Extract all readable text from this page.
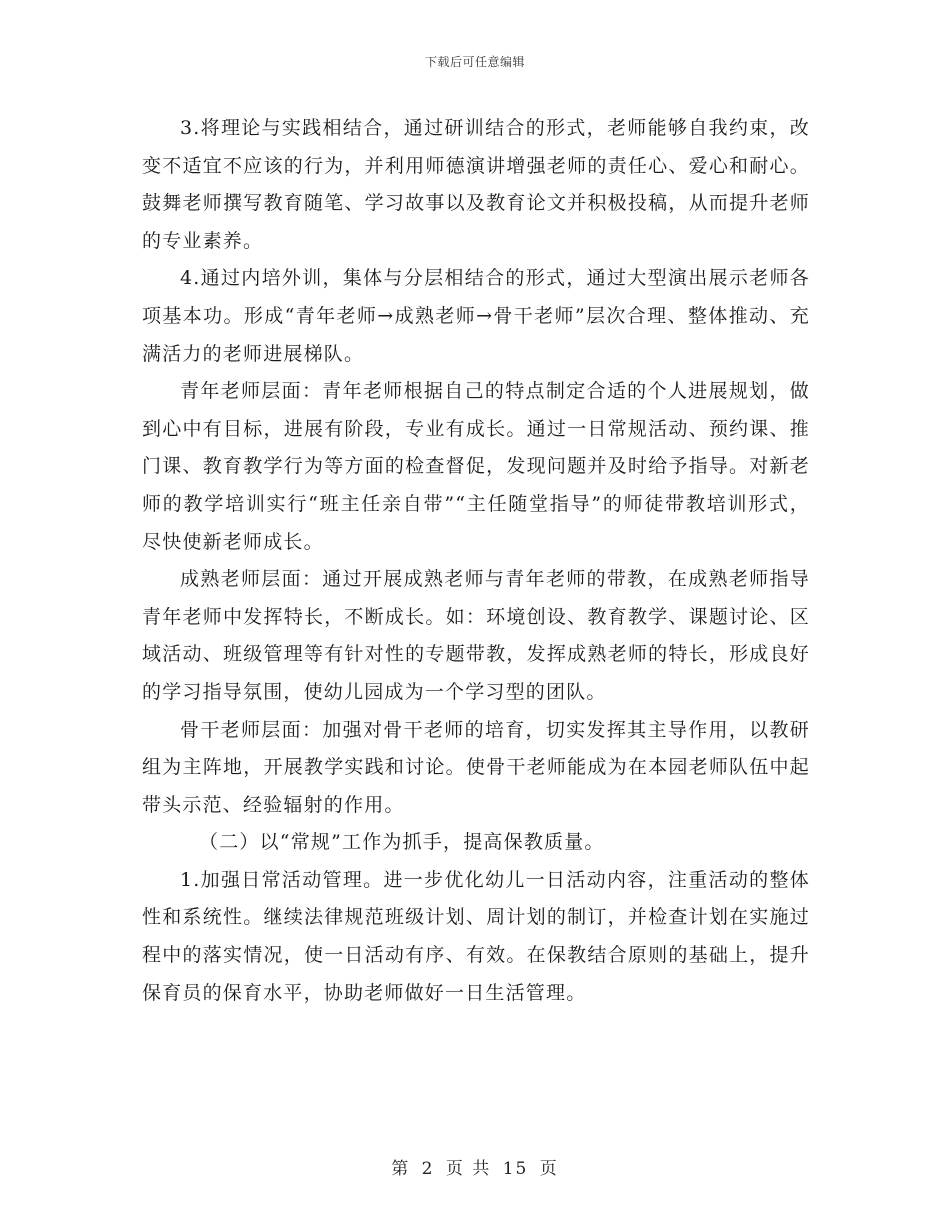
下载后可任意编辑

3.将理论与实践相结合，通过研训结合的形式，老师能够自我约束，改变不适宜不应该的行为，并利用师德演讲增强老师的责任心、爱心和耐心。鼓舞老师撰写教育随笔、学习故事以及教育论文并积极投稿，从而提升老师的专业素养。

4.通过内培外训，集体与分层相结合的形式，通过大型演出展示老师各项基本功。形成“青年老师→成熟老师→骨干老师”层次合理、整体推动、充满活力的老师进展梯队。

青年老师层面：青年老师根据自己的特点制定合适的个人进展规划，做到心中有目标，进展有阶段，专业有成长。通过一日常规活动、预约课、推门课、教育教学行为等方面的检查督促，发现问题并及时给予指导。对新老师的教学培训实行“班主任亲自带”“主任随堂指导”的师徒带教培训形式，尽快使新老师成长。

成熟老师层面：通过开展成熟老师与青年老师的带教，在成熟老师指导青年老师中发挥特长，不断成长。如：环境创设、教育教学、课题讨论、区域活动、班级管理等有针对性的专题带教，发挥成熟老师的特长，形成良好的学习指导氛围，使幼儿园成为一个学习型的团队。

骨干老师层面：加强对骨干老师的培育，切实发挥其主导作用，以教研组为主阵地，开展教学实践和讨论。使骨干老师能成为在本园老师队伍中起带头示范、经验辐射的作用。

（二）以“常规”工作为抓手，提高保教质量。

1.加强日常活动管理。进一步优化幼儿一日活动内容，注重活动的整体性和系统性。继续法律规范班级计划、周计划的制订，并检查计划在实施过程中的落实情况，使一日活动有序、有效。在保教结合原则的基础上，提升保育员的保育水平，协助老师做好一日生活管理。

第 2 页 共 15 页
